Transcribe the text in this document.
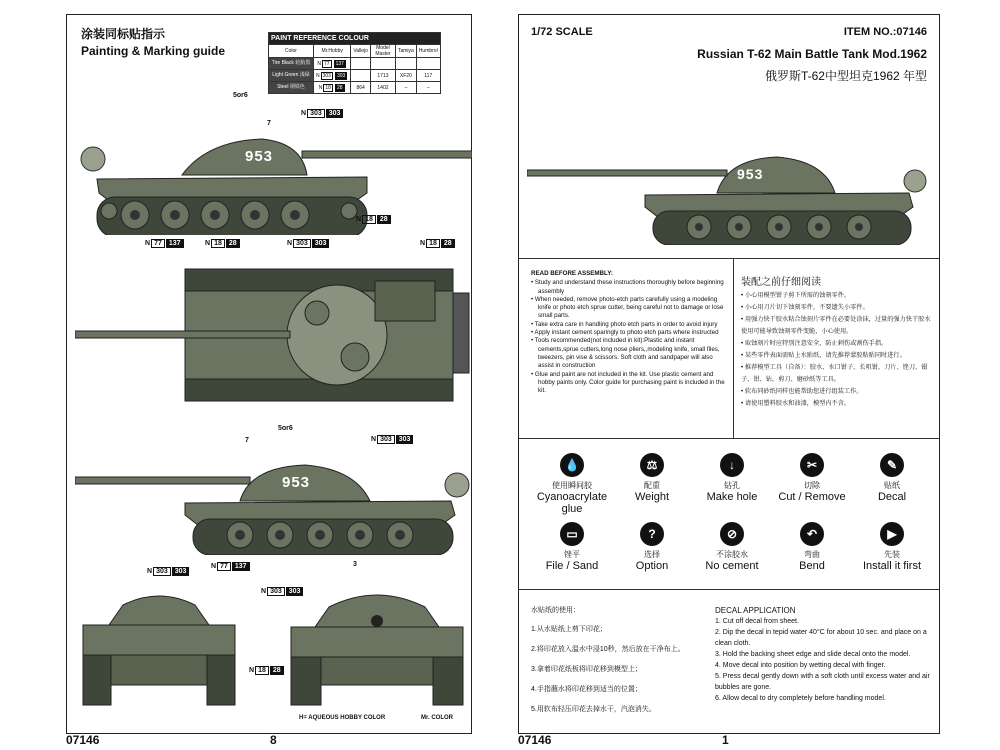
涂装同标贴指示
Painting & Marking guide
PAINT REFERENCE COLOUR					
Color	Mr.Hobby	Vallejo	Model Master	Tamiya	Humbrol
Tire Black 轮胎黑	N 77 137				
Light Green 浅绿	N 303 303		1713	XF20	117
Steel 钢铁色	N 18 28	864	1402	–	–
953
5or6
7
N 303 303
N 18 28
N 77 137	N 18 28	N 303 303	N 18 28
953
5or6
7	N 303 303
N 77 137
N 303 303
3
N 303 303
N 18 28
H= AQUEOUS HOBBY COLOR	Mr. COLOR
07146	8
1/72 SCALE	ITEM NO.:07146
Russian T-62 Main Battle Tank Mod.1962
俄罗斯T-62中型坦克1962 年型
953
READ BEFORE ASSEMBLY:

• Study and understand these instructions thoroughly before beginning assembly

• When needed, remove photo-etch parts carefully using a modeling knife or photo etch sprue cutter, being careful not to damage or lose small parts.

• Take extra care in handling photo etch parts in order to avoid injury

• Apply instant cement sparingly to photo etch parts where instructed

• Tools recommended(not included in kit):Plastic and instant cements,sprue cutters,long nose pliers,,modeling knife, small files, tweezers, pin vise & scissors. Soft cloth and sandpaper will also assist in construction

• Glue and paint are not included in the kit. Use plastic cement and hobby paints only. Color guide for purchasing paint is included in the kit.

装配之前仔细阅读

• 小心用模型钳子剪下所需的蚀刻零件。

• 小心用刀片切下蚀刻零件，不要遗失小零件。

• 用强力快干胶水粘合蚀刻片零件在必要处涂抹，过量的强力快干胶水使用可能导致蚀刻零件变脆，小心使用。

• 取蚀刻片时应特别注意安全，防止刺伤或割伤手指。

• 某些零件表面需贴上水贴纸，请先推荐蒙胶粘贴同时进行。

• 推荐模型工具（自备）：胶水、水口钳子、长咀钳、刀片、锉刀、镊子、钳、钻、剪刀、磨砂纸等工具。

• 软布同砂纸同样也能帮助您进行组装工作。

• 请使用塑料胶水和油漆，模型内不含。

💧
使用瞬间胶
Cyanoacrylate glue
⚖
配重
Weight
↓
钻孔
Make hole
✂
切除
Cut / Remove
✎
贴纸
Decal
▭
锉平
File / Sand
?
选择
Option
⊘
不涂胶水
No cement
↶
弯曲
Bend
▶
先装
Install it first

水贴纸的使用：

1.从水贴纸上剪下印花；

2.将印花放入温水中浸10秒，然后放在干净布上。

3.拿着印花纸板将印花移到模型上；

4.手指蘸水将印花移到适当的位置；

5.用软布轻压印花去掉水干，汽泡消失。

DECAL APPLICATION

1. Cut off decal from sheet.

2. Dip the decal in tepid water 40°C for about 10 sec. and place on a clean cloth.

3. Hold the backing sheet edge and slide decal onto the model.

4. Move decal into position by wetting decal with finger.

5. Press decal gently down with a soft cloth until excess water and air bubbles are gone.

6. Allow decal to dry completely before handling model.

07146	1
